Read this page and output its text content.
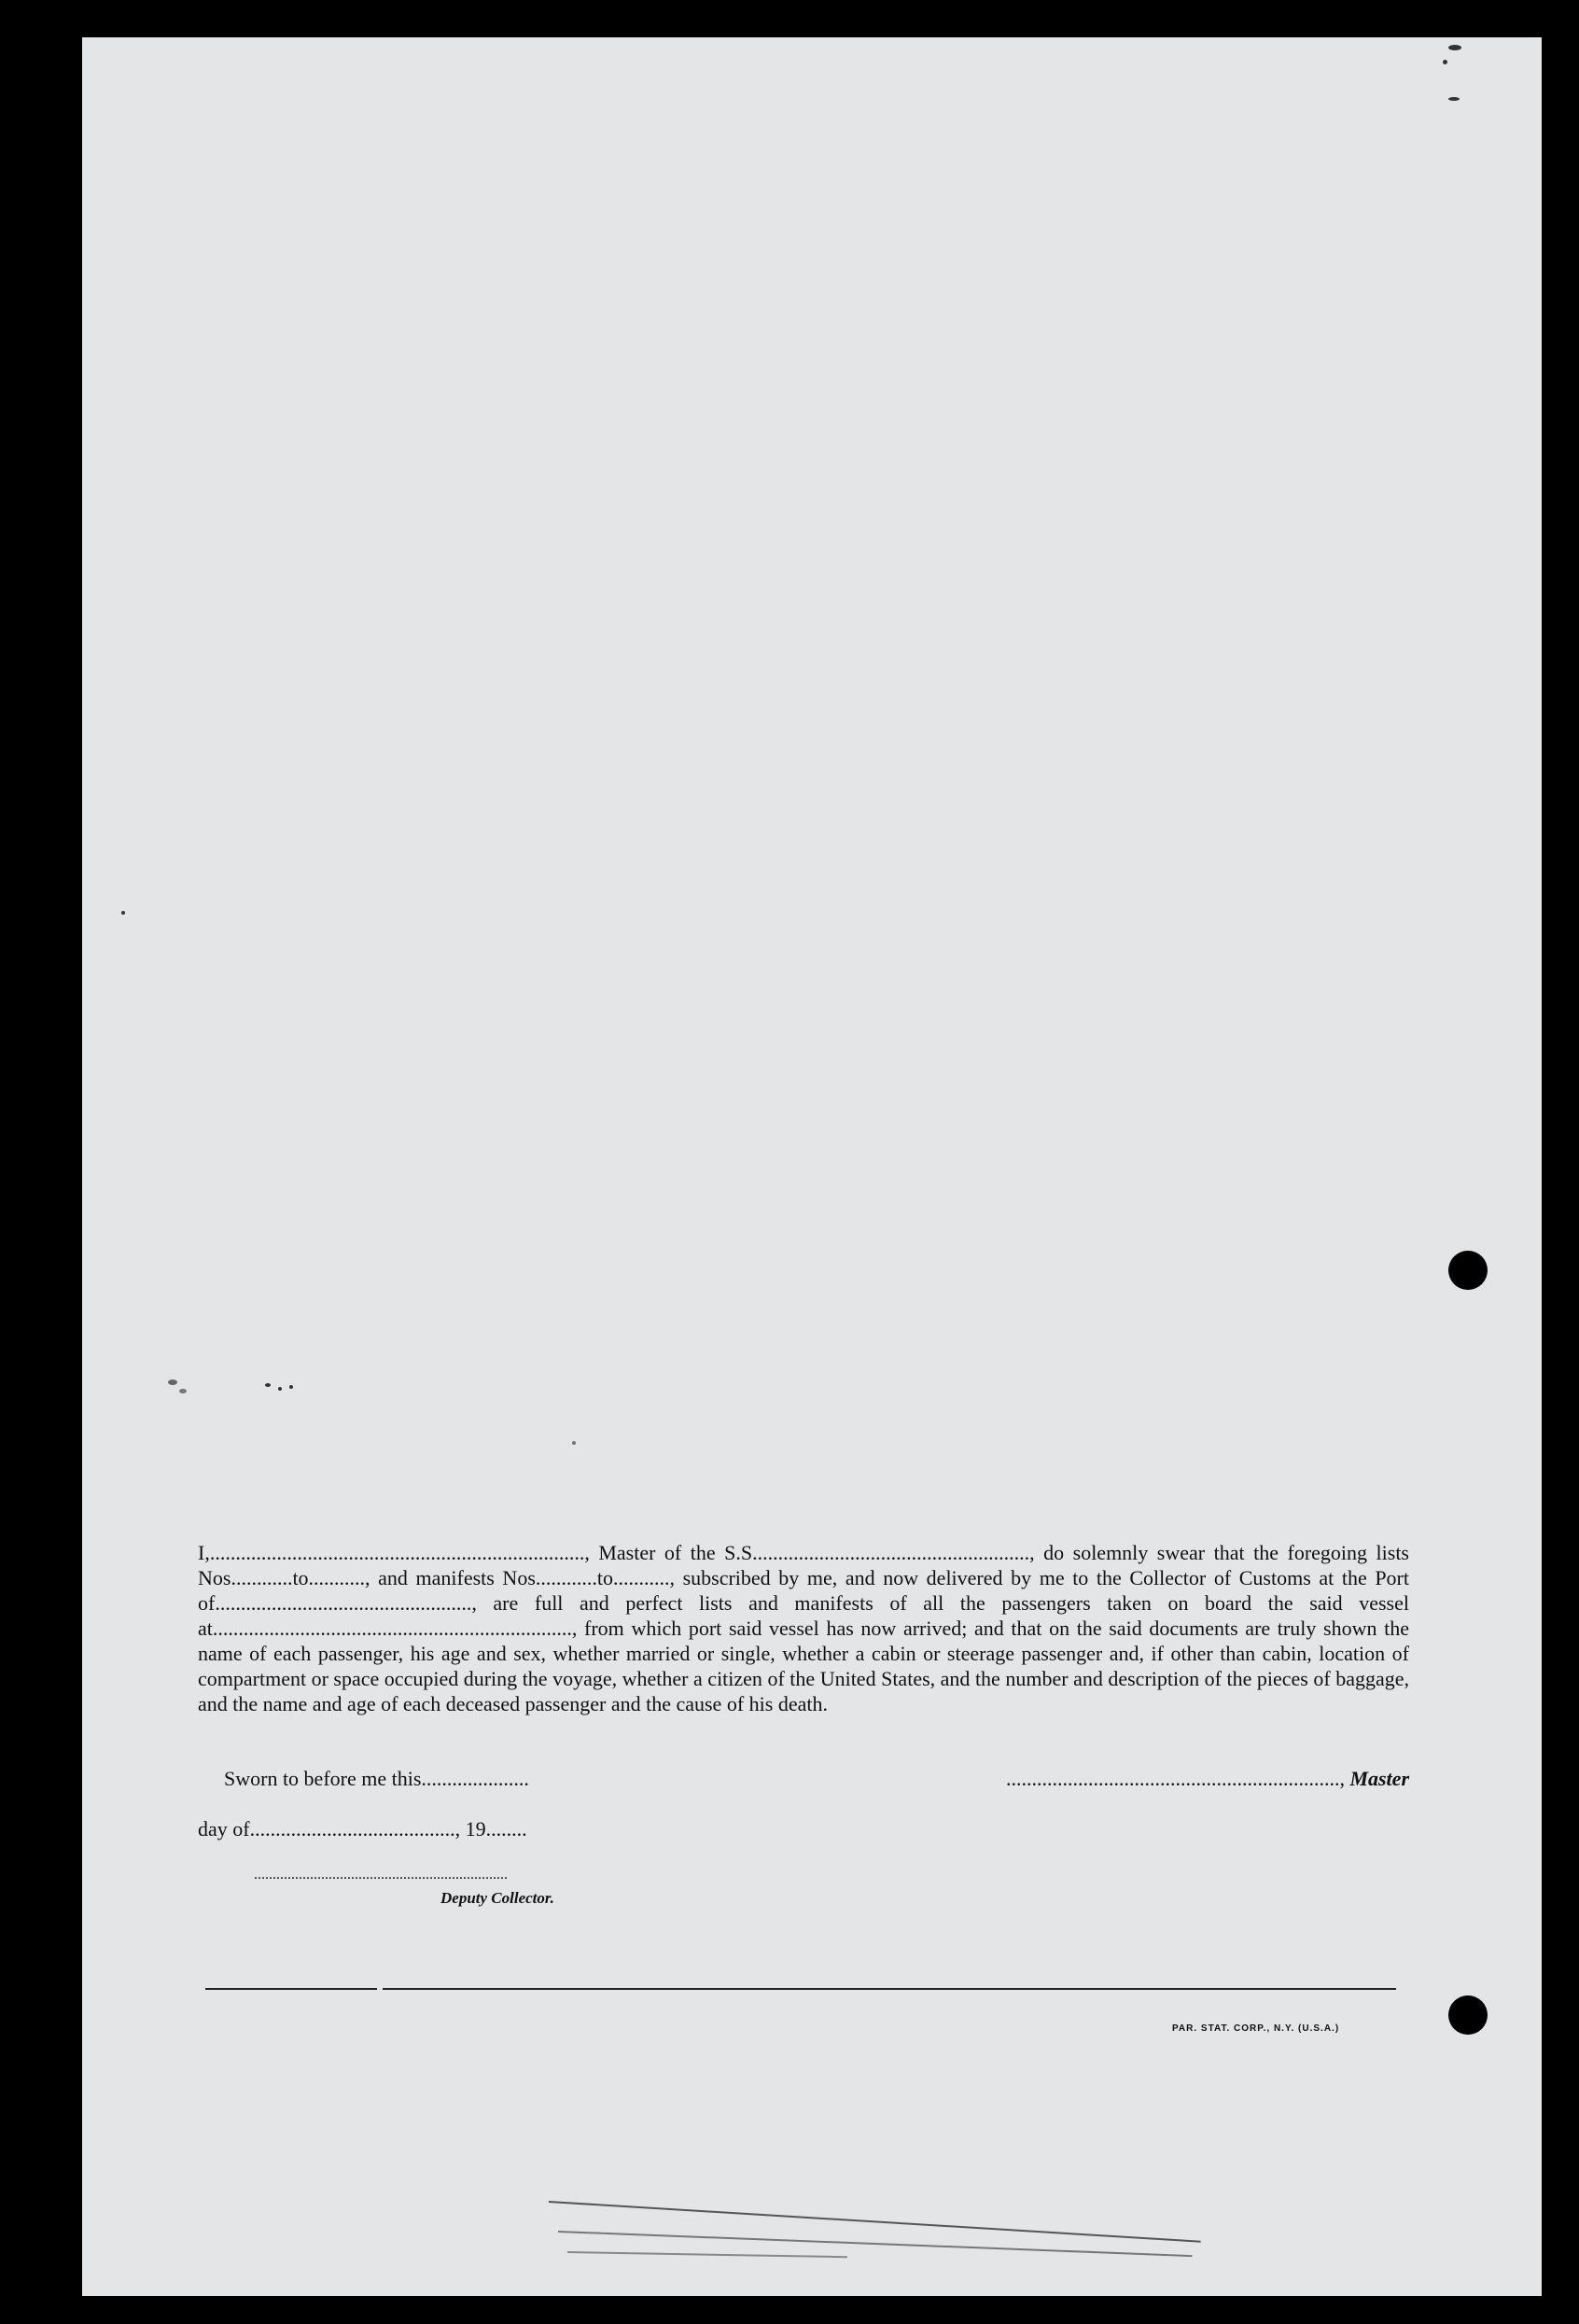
I,........................................................................., Master of the S.S......................................................, do solemnly swear that the foregoing lists Nos............to..........., and manifests Nos............to..........., subscribed by me, and now delivered by me to the Collector of Customs at the Port of.................................................., are full and perfect lists and manifests of all the passengers taken on board the said vessel at......................................................................, from which port said vessel has now arrived; and that on the said documents are truly shown the name of each passenger, his age and sex, whether married or single, whether a cabin or steerage passenger and, if other than cabin, location of compartment or space occupied during the voyage, whether a citizen of the United States, and the number and description of the pieces of baggage, and the name and age of each deceased passenger and the cause of his death.
Sworn to before me this.....................	................................................................., Master
day of........................................, 19........
....................................................................
Deputy Collector.
PAR. STAT. CORP., N.Y. (U.S.A.)
